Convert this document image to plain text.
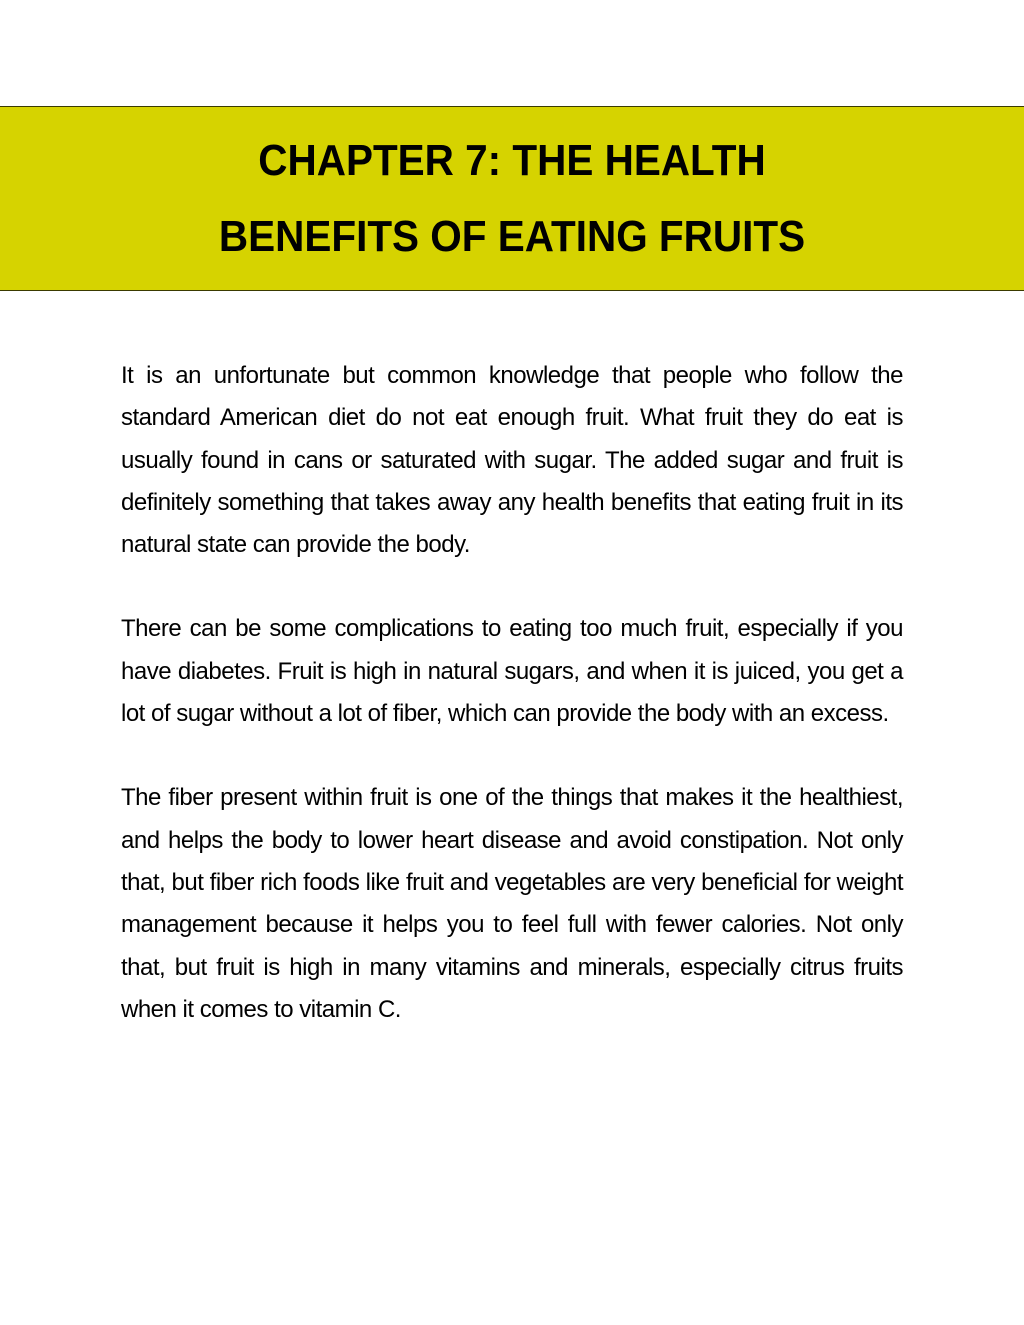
CHAPTER 7: THE HEALTH
BENEFITS OF EATING FRUITS

It is an unfortunate but common knowledge that people who follow the standard American diet do not eat enough fruit. What fruit they do eat is usually found in cans or saturated with sugar. The added sugar and fruit is definitely something that takes away any health benefits that eating fruit in its natural state can provide the body.

There can be some complications to eating too much fruit, especially if you have diabetes. Fruit is high in natural sugars, and when it is juiced, you get a lot of sugar without a lot of fiber, which can provide the body with an excess.

The fiber present within fruit is one of the things that makes it the healthiest, and helps the body to lower heart disease and avoid constipation. Not only that, but fiber rich foods like fruit and vegetables are very beneficial for weight management because it helps you to feel full with fewer calories. Not only that, but fruit is high in many vitamins and minerals, especially citrus fruits when it comes to vitamin C.
